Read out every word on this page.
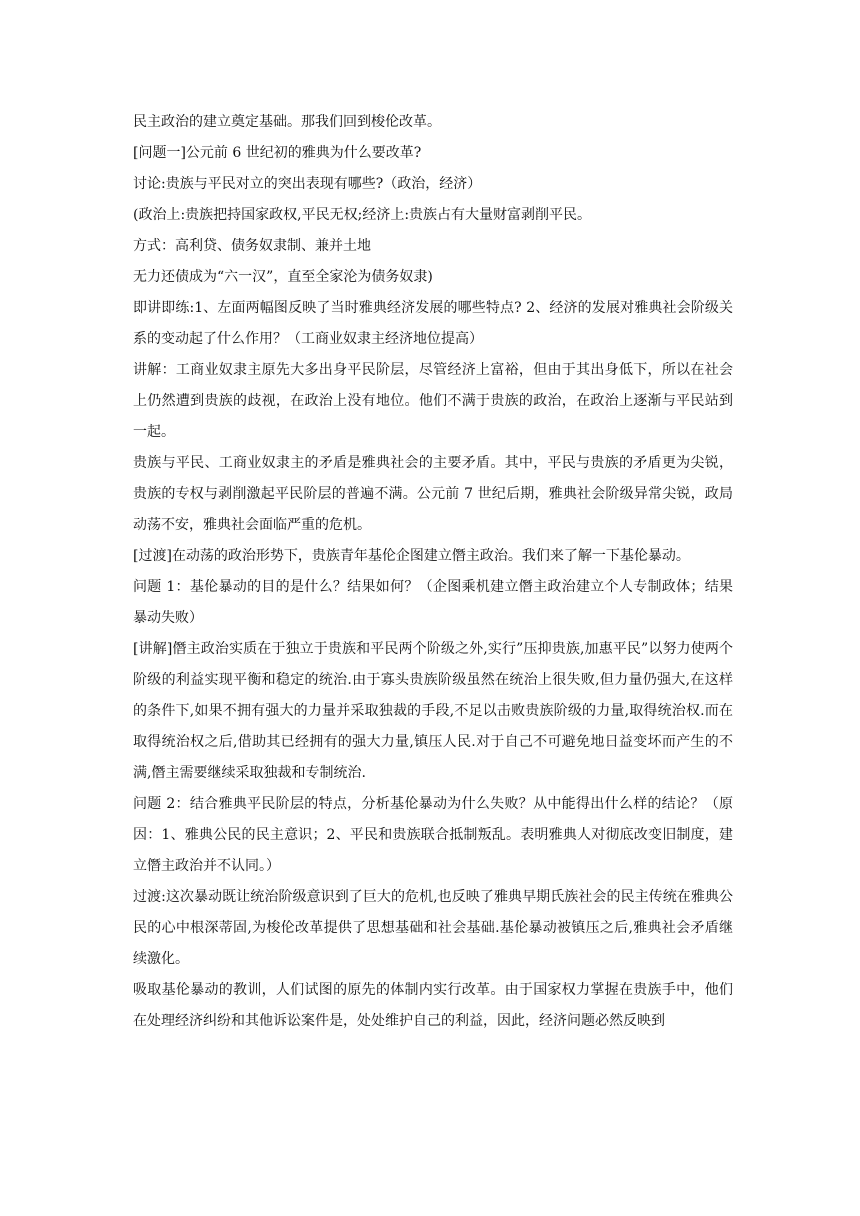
民主政治的建立奠定基础。那我们回到梭伦改革。

[问题一]公元前 6 世纪初的雅典为什么要改革?

讨论:贵族与平民对立的突出表现有哪些?（政治，经济）

(政治上:贵族把持国家政权,平民无权;经济上:贵族占有大量财富剥削平民。

方式：高利贷、债务奴隶制、兼并土地

无力还债成为“六一汉”，直至全家沦为债务奴隶)

即讲即练:1、左面两幅图反映了当时雅典经济发展的哪些特点? 2、经济的发展对雅典社会阶级关系的变动起了什么作用？（工商业奴隶主经济地位提高）

讲解：工商业奴隶主原先大多出身平民阶层，尽管经济上富裕，但由于其出身低下，所以在社会上仍然遭到贵族的歧视，在政治上没有地位。他们不满于贵族的政治，在政治上逐渐与平民站到一起。

贵族与平民、工商业奴隶主的矛盾是雅典社会的主要矛盾。其中，平民与贵族的矛盾更为尖锐，贵族的专权与剥削激起平民阶层的普遍不满。公元前 7 世纪后期，雅典社会阶级异常尖锐，政局动荡不安，雅典社会面临严重的危机。

[过渡]在动荡的政治形势下，贵族青年基伦企图建立僭主政治。我们来了解一下基伦暴动。

问题 1：基伦暴动的目的是什么？结果如何？（企图乘机建立僭主政治建立个人专制政体；结果暴动失败）

[讲解]僭主政治实质在于独立于贵族和平民两个阶级之外,实行”压抑贵族,加惠平民”以努力使两个阶级的利益实现平衡和稳定的统治.由于寡头贵族阶级虽然在统治上很失败,但力量仍强大,在这样的条件下,如果不拥有强大的力量并采取独裁的手段,不足以击败贵族阶级的力量,取得统治权.而在取得统治权之后,借助其已经拥有的强大力量,镇压人民.对于自己不可避免地日益变坏而产生的不满,僭主需要继续采取独裁和专制统治.

问题 2：结合雅典平民阶层的特点，分析基伦暴动为什么失败？从中能得出什么样的结论？（原因：1、雅典公民的民主意识；2、平民和贵族联合抵制叛乱。表明雅典人对彻底改变旧制度，建立僭主政治并不认同。）

过渡:这次暴动既让统治阶级意识到了巨大的危机,也反映了雅典早期氏族社会的民主传统在雅典公民的心中根深蒂固,为梭伦改革提供了思想基础和社会基础.基伦暴动被镇压之后,雅典社会矛盾继续激化。

吸取基伦暴动的教训，人们试图的原先的体制内实行改革。由于国家权力掌握在贵族手中，他们在处理经济纠纷和其他诉讼案件是，处处维护自己的利益，因此，经济问题必然反映到
